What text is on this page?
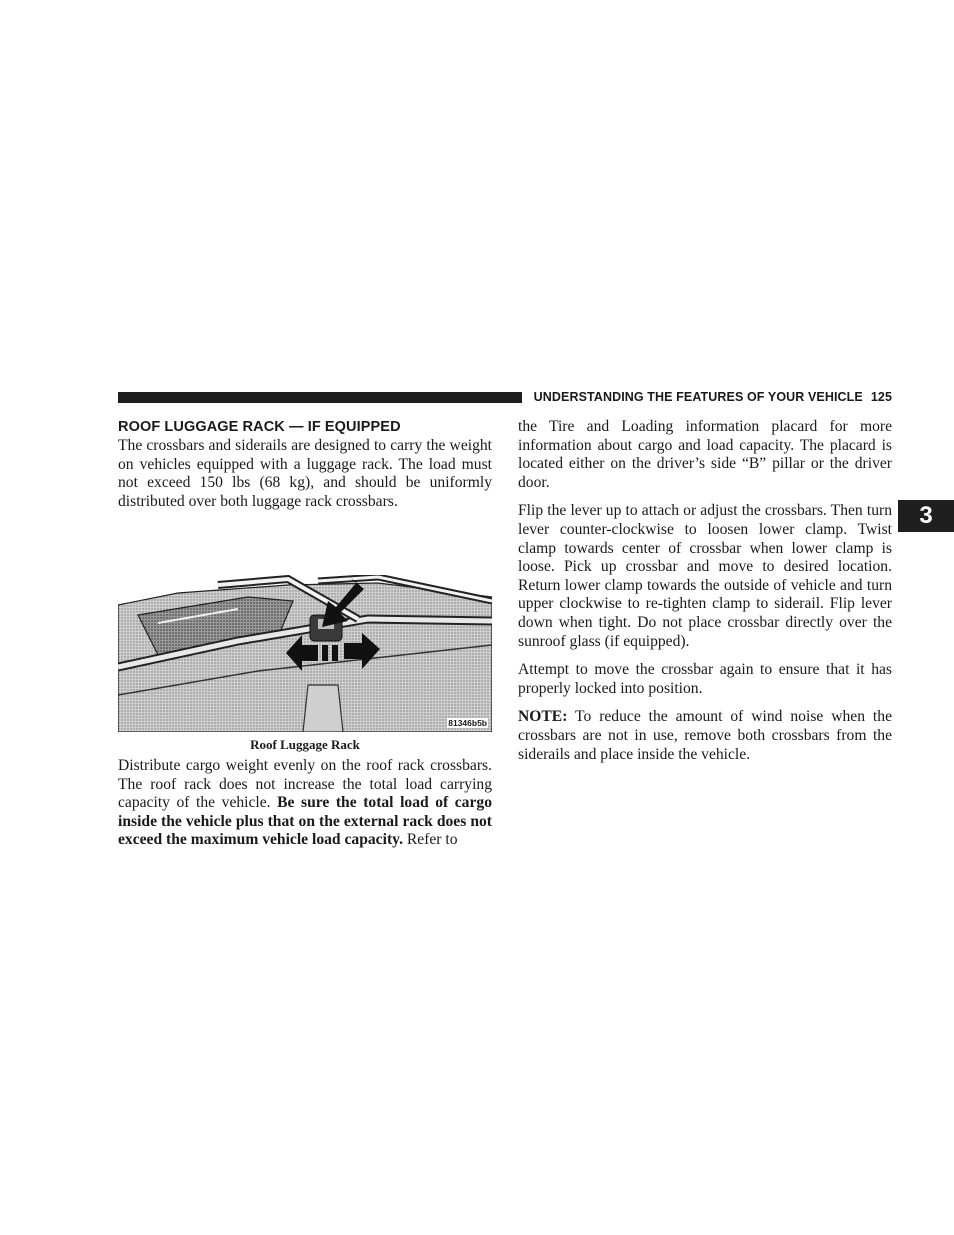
UNDERSTANDING THE FEATURES OF YOUR VEHICLE 125
3
ROOF LUGGAGE RACK — IF EQUIPPED

The crossbars and siderails are designed to carry the weight on vehicles equipped with a luggage rack. The load must not exceed 150 lbs (68 kg), and should be uniformly distributed over both luggage rack crossbars.

81346b5b
Roof Luggage Rack

Distribute cargo weight evenly on the roof rack crossbars. The roof rack does not increase the total load carrying capacity of the vehicle. Be sure the total load of cargo inside the vehicle plus that on the external rack does not exceed the maximum vehicle load capacity. Refer to

the Tire and Loading information placard for more information about cargo and load capacity. The placard is located either on the driver’s side “B” pillar or the driver door.

Flip the lever up to attach or adjust the crossbars. Then turn lever counter-clockwise to loosen lower clamp. Twist clamp towards center of crossbar when lower clamp is loose. Pick up crossbar and move to desired location. Return lower clamp towards the outside of vehicle and turn upper clockwise to re-tighten clamp to siderail. Flip lever down when tight. Do not place crossbar directly over the sunroof glass (if equipped).

Attempt to move the crossbar again to ensure that it has properly locked into position.

NOTE: To reduce the amount of wind noise when the crossbars are not in use, remove both crossbars from the siderails and place inside the vehicle.
